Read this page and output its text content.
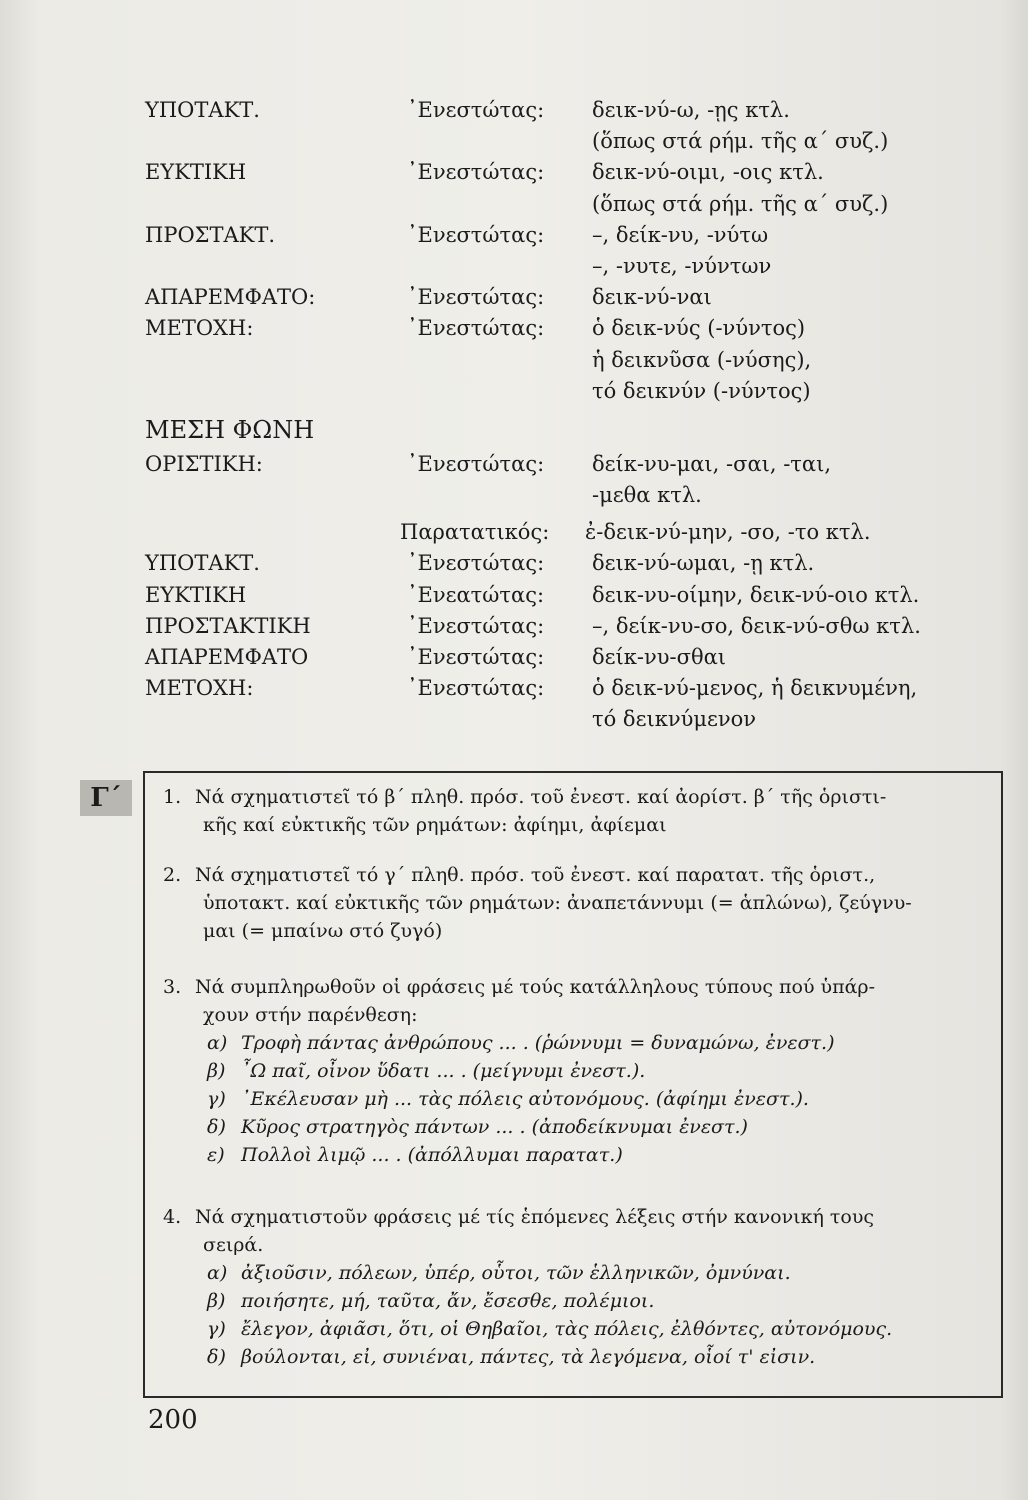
ΥΠΟΤΑΚΤ.	᾿Ενεστώτας: δεικ-νύ-ω, -ῃς κτλ.
(ὅπως στά ρήμ. τῆς α΄ συζ.)
ΕΥΚΤΙΚΗ	᾿Ενεστώτας: δεικ-νύ-οιμι, -οις κτλ.
(ὅπως στά ρήμ. τῆς α΄ συζ.)
ΠΡΟΣΤΑΚΤ.	᾿Ενεστώτας: –, δείκ-νυ, -νύτω
–, -νυτε, -νύντων
ΑΠΑΡΕΜΦΑΤΟ:	᾿Ενεστώτας: δεικ-νύ-ναι
ΜΕΤΟΧΗ:	᾿Ενεστώτας: ὁ δεικ-νύς (-νύντος)
ἡ δεικνῦσα (-νύσης),
τό δεικνύν (-νύντος)
ΜΕΣΗ ΦΩΝΗ
ΟΡΙΣΤΙΚΗ:	᾿Ενεστώτας: δείκ-νυ-μαι, -σαι, -ται,
-μεθα κτλ.
Παρατατικός: ἐ-δεικ-νύ-μην, -σο, -το κτλ.
ΥΠΟΤΑΚΤ.	᾿Ενεστώτας: δεικ-νύ-ωμαι, -ῃ κτλ.
ΕΥΚΤΙΚΗ	᾿Ενεατώτας: δεικ-νυ-οίμην, δεικ-νύ-οιο κτλ.
ΠΡΟΣΤΑΚΤΙΚΗ	᾿Ενεστώτας: –, δείκ-νυ-σο, δεικ-νύ-σθω κτλ.
ΑΠΑΡΕΜΦΑΤΟ	᾿Ενεστώτας: δείκ-νυ-σθαι
ΜΕΤΟΧΗ:	᾿Ενεστώτας: ὁ δεικ-νύ-μενος, ἡ δεικνυμένη,
τό δεικνύμενον
Γ΄	1. Νά σχηματιστεῖ τό β΄ πληθ. πρόσ. τοῦ ἐνεστ. καί ἀορίστ. β΄ τῆς ὁριστι-

κῆς καί εὐκτικῆς τῶν ρημάτων: ἀφίημι, ἀφίεμαι

2. Νά σχηματιστεῖ τό γ΄ πληθ. πρόσ. τοῦ ἐνεστ. καί παρατατ. τῆς ὁριστ.,

ὑποτακτ. καί εὐκτικῆς τῶν ρημάτων: ἀναπετάννυμι (= ἁπλώνω), ζεύγνυ-

μαι (= μπαίνω στό ζυγό)

3. Νά συμπληρωθοῦν οἱ φράσεις μέ τούς κατάλληλους τύπους πού ὑπάρ-

χουν στήν παρένθεση:

α) Τροφὴ πάντας ἀνθρώπους ... . (ῥώννυμι = δυναμώνω, ἐνεστ.)

β) ῏Ω παῖ, οἶνον ὕδατι ... . (μείγνυμι ἐνεστ.).

γ) ᾿Εκέλευσαν μὴ ... τὰς πόλεις αὐτονόμους. (ἀφίημι ἐνεστ.).

δ) Κῦρος στρατηγὸς πάντων ... . (ἀποδείκνυμαι ἐνεστ.)

ε) Πολλοὶ λιμῷ ... . (ἀπόλλυμαι παρατατ.)

4. Νά σχηματιστοῦν φράσεις μέ τίς ἑπόμενες λέξεις στήν κανονική τους

σειρά.

α) ἀξιοῦσιν, πόλεων, ὑπέρ, οὗτοι, τῶν ἑλληνικῶν, ὀμνύναι.

β) ποιήσητε, μή, ταῦτα, ἄν, ἔσεσθε, πολέμιοι.

γ) ἔλεγον, ἀφιᾶσι, ὅτι, οἱ Θηβαῖοι, τὰς πόλεις, ἐλθόντες, αὐτονόμους.

δ) βούλονται, εἰ, συνιέναι, πάντες, τὰ λεγόμενα, οἷοί τ' εἰσιν.

200
